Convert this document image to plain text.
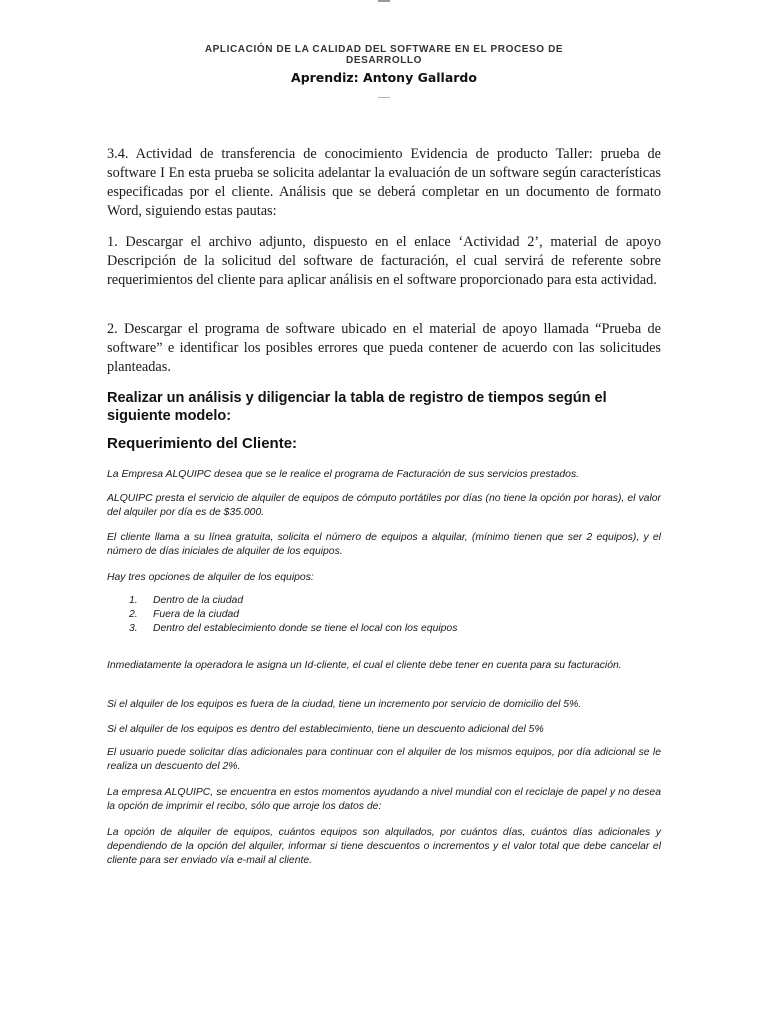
APLICACIÓN DE LA CALIDAD DEL SOFTWARE EN EL PROCESO DE DESARROLLO
Aprendiz: Antony Gallardo

3.4. Actividad de transferencia de conocimiento Evidencia de producto Taller: prueba de software I En esta prueba se solicita adelantar la evaluación de un software según características especificadas por el cliente. Análisis que se deberá completar en un documento de formato Word, siguiendo estas pautas:

1. Descargar el archivo adjunto, dispuesto en el enlace ‘Actividad 2’, material de apoyo Descripción de la solicitud del software de facturación, el cual servirá de referente sobre requerimientos del cliente para aplicar análisis en el software proporcionado para esta actividad.

2. Descargar el programa de software ubicado en el material de apoyo llamada “Prueba de software” e identificar los posibles errores que pueda contener de acuerdo con las solicitudes planteadas.

Realizar un análisis y diligenciar la tabla de registro de tiempos según el siguiente modelo:
Requerimiento del Cliente:

La Empresa ALQUIPC desea que se le realice el programa de Facturación de sus servicios prestados.

ALQUIPC presta el servicio de alquiler de equipos de cómputo portátiles por días (no tiene la opción por horas), el valor del alquiler por día es de $35.000.

El cliente llama a su línea gratuita, solicita el número de equipos a alquilar, (mínimo tienen que ser 2 equipos), y el número de días iniciales de alquiler de los equipos.

Hay tres opciones de alquiler de los equipos:

1. Dentro de la ciudad
2. Fuera de la ciudad
3. Dentro del establecimiento donde se tiene el local con los equipos

Inmediatamente la operadora le asigna un Id-cliente, el cual el cliente debe tener en cuenta para su facturación.

Si el alquiler de los equipos es fuera de la ciudad, tiene un incremento por servicio de domicilio del 5%.

Si el alquiler de los equipos es dentro del establecimiento, tiene un descuento adicional del 5%

El usuario puede solicitar días adicionales para continuar con el alquiler de los mismos equipos, por día adicional se le realiza un descuento del 2%.

La empresa ALQUIPC, se encuentra en estos momentos ayudando a nivel mundial con el reciclaje de papel y no desea la opción de imprimir el recibo, sólo que arroje los datos de:

La opción de alquiler de equipos, cuántos equipos son alquilados, por cuántos días, cuántos días adicionales y dependiendo de la opción del alquiler, informar si tiene descuentos o incrementos y el valor total que debe cancelar el cliente para ser enviado vía e-mail al cliente.
